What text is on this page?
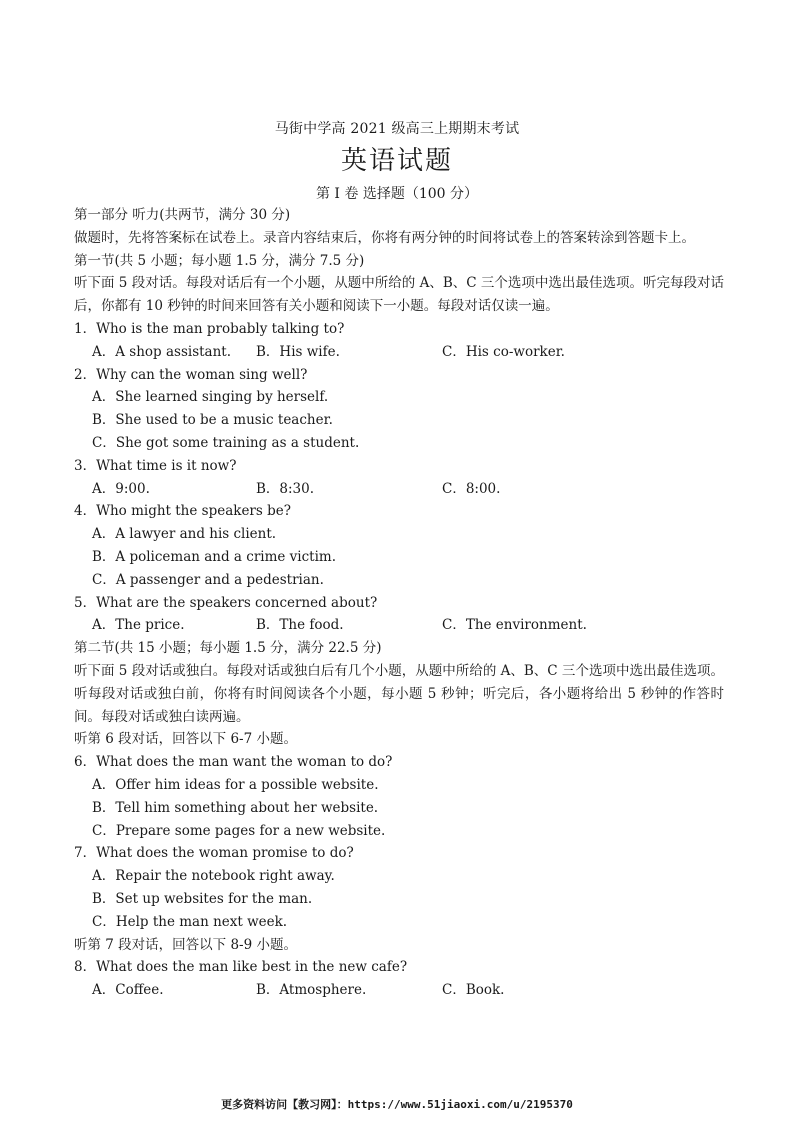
马街中学高 2021 级高三上期期末考试
英语试题
第 I 卷 选择题（100 分）
第一部分 听力(共两节，满分 30 分)
做题时，先将答案标在试卷上。录音内容结束后，你将有两分钟的时间将试卷上的答案转涂到答题卡上。
第一节(共 5 小题；每小题 1.5 分，满分 7.5 分)
听下面 5 段对话。每段对话后有一个小题，从题中所给的 A、B、C 三个选项中选出最佳选项。听完每段对话后，你都有 10 秒钟的时间来回答有关小题和阅读下一小题。每段对话仅读一遍。
1．Who is the man probably talking to?
A．A shop assistant.	B．His wife.	C．His co-worker.
2．Why can the woman sing well?
A．She learned singing by herself.
B．She used to be a music teacher.
C．She got some training as a student.
3．What time is it now?
A．9:00.	B．8:30.	C．8:00.
4．Who might the speakers be?
A．A lawyer and his client.
B．A policeman and a crime victim.
C．A passenger and a pedestrian.
5．What are the speakers concerned about?
A．The price.	B．The food.	C．The environment.
第二节(共 15 小题；每小题 1.5 分，满分 22.5 分)
听下面 5 段对话或独白。每段对话或独白后有几个小题，从题中所给的 A、B、C 三个选项中选出最佳选项。听每段对话或独白前，你将有时间阅读各个小题，每小题 5 秒钟；听完后，各小题将给出 5 秒钟的作答时间。每段对话或独白读两遍。
听第 6 段对话，回答以下 6-7 小题。
6．What does the man want the woman to do?
A．Offer him ideas for a possible website.
B．Tell him something about her website.
C．Prepare some pages for a new website.
7．What does the woman promise to do?
A．Repair the notebook right away.
B．Set up websites for the man.
C．Help the man next week.
听第 7 段对话，回答以下 8-9 小题。
8．What does the man like best in the new cafe?
A．Coffee.	B．Atmosphere.	C．Book.
更多资料访问【教习网】：https://www.51jiaoxi.com/u/2195370
